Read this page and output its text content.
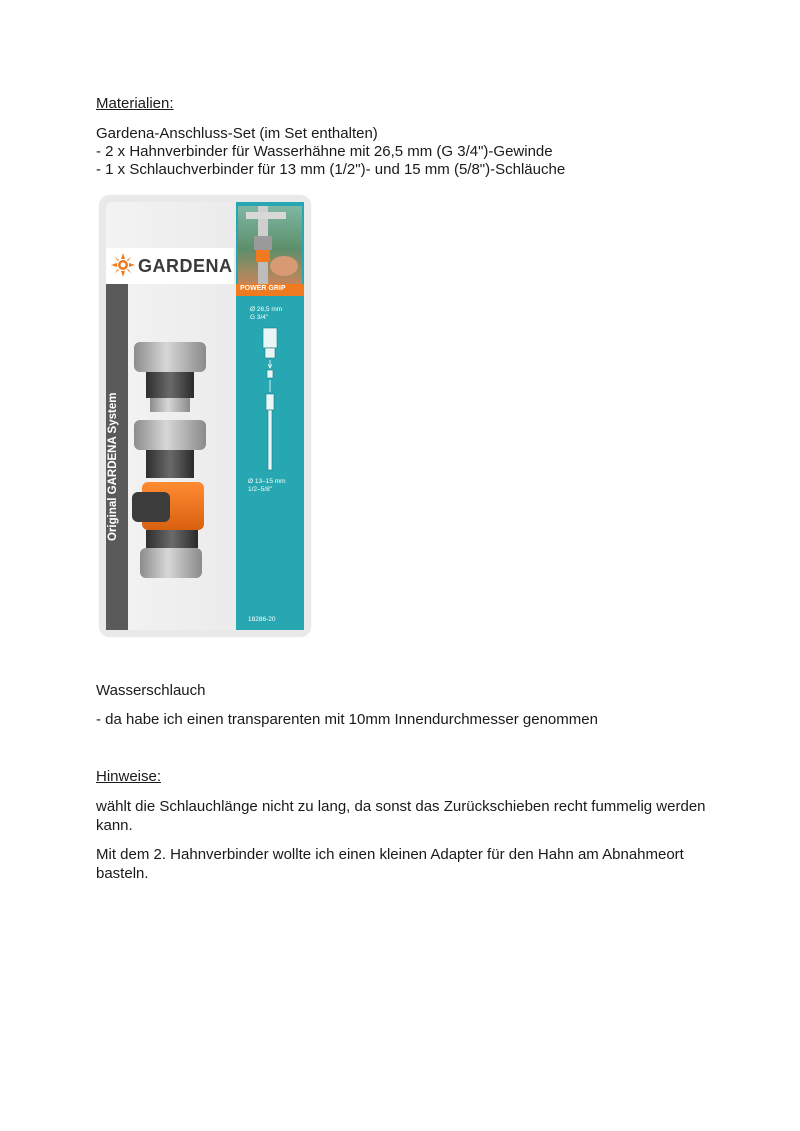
Materialien:
Gardena-Anschluss-Set (im Set enthalten)
- 2 x Hahnverbinder für Wasserhähne mit 26,5 mm (G 3/4")-Gewinde
- 1 x Schlauchverbinder für 13 mm (1/2")- und 15 mm (5/8")-Schläuche
GARDENA
Original GARDENA System
POWER GRIP
Ø 26,5 mm
G 3/4"
Ø 13–15 mm
1/2–5/8"
18286-20
Wasserschlauch
- da habe ich einen transparenten mit 10mm Innendurchmesser genommen
Hinweise:
wählt die Schlauchlänge nicht zu lang, da sonst das Zurückschieben recht fummelig werden kann.
Mit dem 2. Hahnverbinder wollte ich einen kleinen Adapter für den Hahn am Abnahmeort basteln.
